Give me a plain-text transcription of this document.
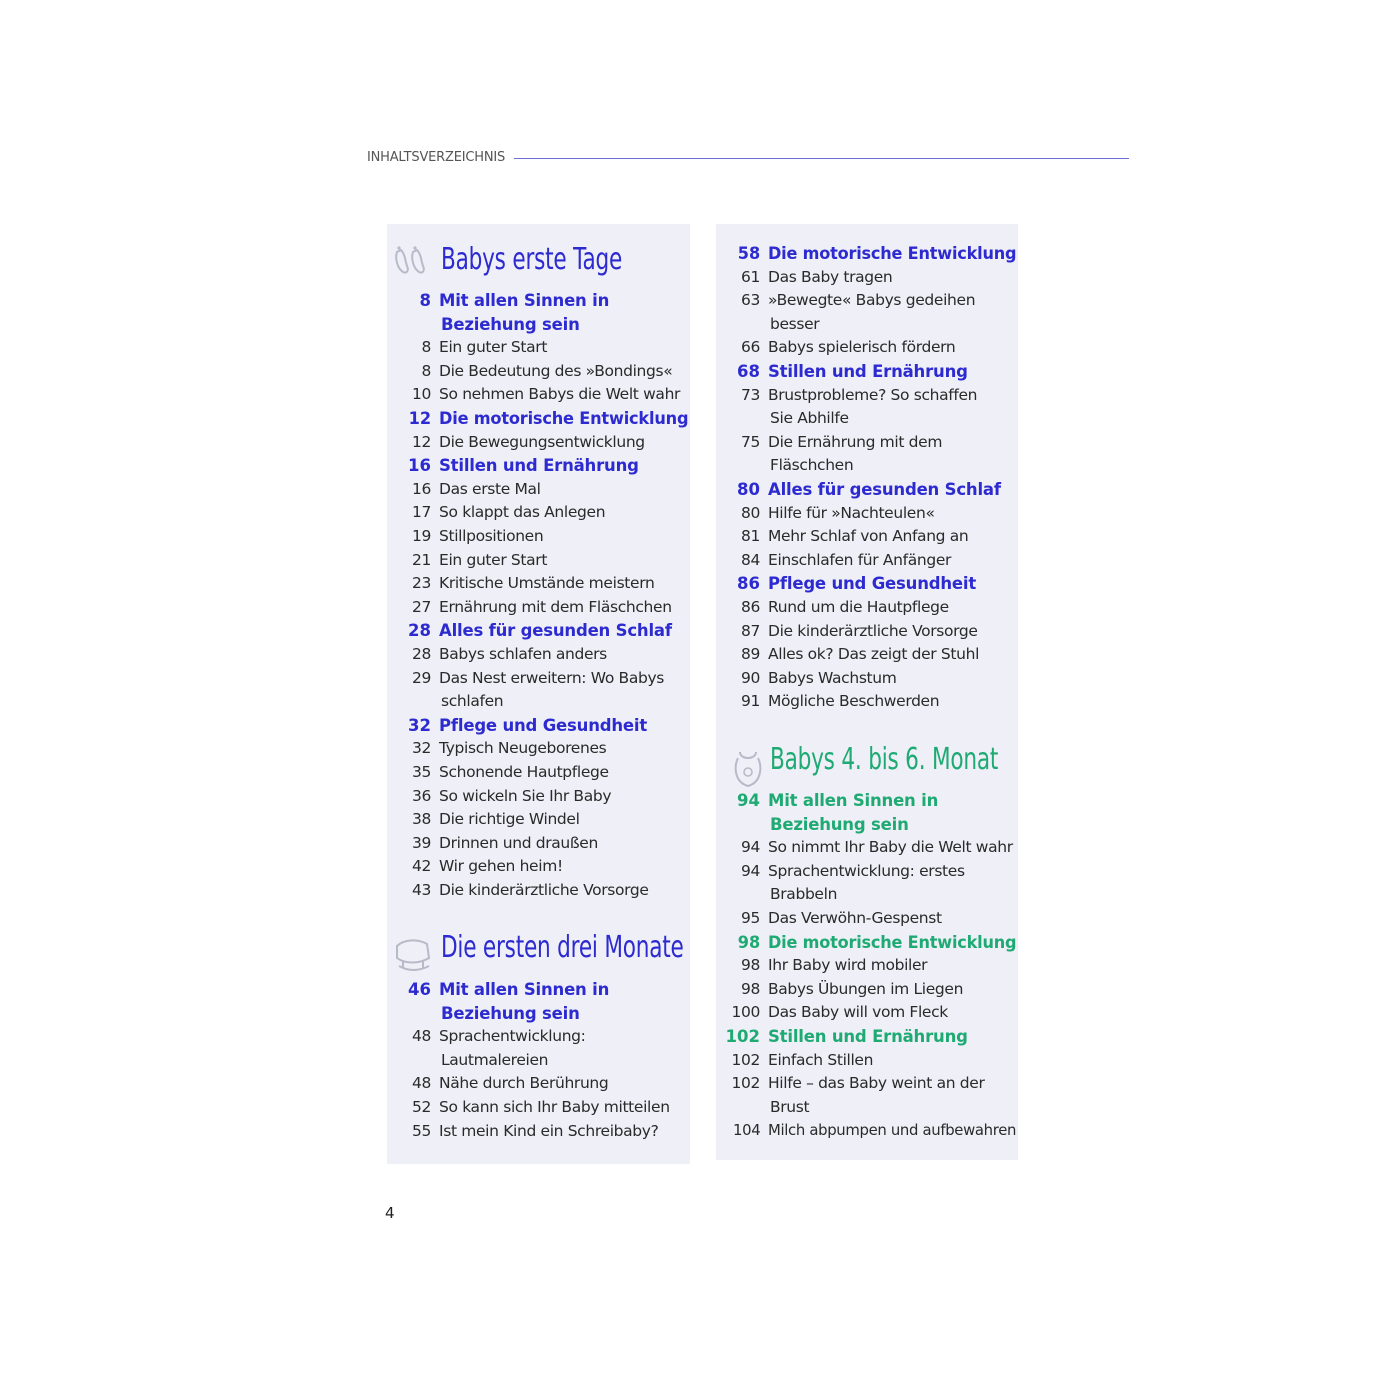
INHALTSVERZEICHNIS
Babys erste Tage
8 Mit allen Sinnen in
Beziehung sein
8 Ein guter Start
8 Die Bedeutung des »Bondings«
10 So nehmen Babys die Welt wahr
12 Die motorische Entwicklung
12 Die Bewegungsentwicklung
16 Stillen und Ernährung
16 Das erste Mal
17 So klappt das Anlegen
19 Stillpositionen
21 Ein guter Start
23 Kritische Umstände meistern
27 Ernährung mit dem Fläschchen
28 Alles für gesunden Schlaf
28 Babys schlafen anders
29 Das Nest erweitern: Wo Babys
schlafen
32 Pflege und Gesundheit
32 Typisch Neugeborenes
35 Schonende Hautpflege
36 So wickeln Sie Ihr Baby
38 Die richtige Windel
39 Drinnen und draußen
42 Wir gehen heim!
43 Die kinderärztliche Vorsorge
Die ersten drei Monate
46 Mit allen Sinnen in
Beziehung sein
48 Sprachentwicklung:
Lautmalereien
48 Nähe durch Berührung
52 So kann sich Ihr Baby mitteilen
55 Ist mein Kind ein Schreibaby?
58 Die motorische Entwicklung
61 Das Baby tragen
63 »Bewegte« Babys gedeihen
besser
66 Babys spielerisch fördern
68 Stillen und Ernährung
73 Brustprobleme? So schaffen
Sie Abhilfe
75 Die Ernährung mit dem
Fläschchen
80 Alles für gesunden Schlaf
80 Hilfe für »Nachteulen«
81 Mehr Schlaf von Anfang an
84 Einschlafen für Anfänger
86 Pflege und Gesundheit
86 Rund um die Hautpflege
87 Die kinderärztliche Vorsorge
89 Alles ok? Das zeigt der Stuhl
90 Babys Wachstum
91 Mögliche Beschwerden
Babys 4. bis 6. Monat
94 Mit allen Sinnen in
Beziehung sein
94 So nimmt Ihr Baby die Welt wahr
94 Sprachentwicklung: erstes
Brabbeln
95 Das Verwöhn-Gespenst
98 Die motorische Entwicklung
98 Ihr Baby wird mobiler
98 Babys Übungen im Liegen
100 Das Baby will vom Fleck
102 Stillen und Ernährung
102 Einfach Stillen
102 Hilfe – das Baby weint an der
Brust
104 Milch abpumpen und aufbewahren
4
